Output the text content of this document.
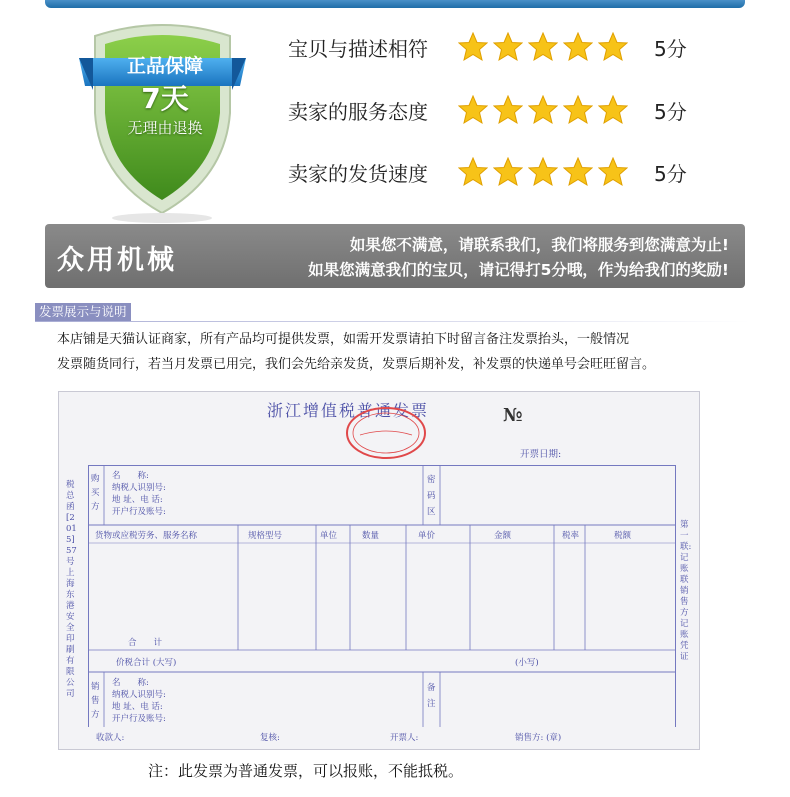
正品保障
7天
无理由退换
宝贝与描述相符	5分
卖家的服务态度	5分
卖家的发货速度	5分
众用机械	如果您不满意，请联系我们，我们将服务到您满意为止!
如果您满意我们的宝贝，请记得打5分哦，作为给我们的奖励!
发票展示与说明
本店铺是天猫认证商家，所有产品均可提供发票，如需开发票请拍下时留言备注发票抬头，一般情况
发票随货同行，若当月发票已用完，我们会先给亲发货，发票后期补发，补发票的快递单号会旺旺留言。
浙江增值税普通发票	№
开票日期:
税总函[2015]57号上海东港安全印刷有限公司
第一联:记账联 销售方记账凭证
购买方
名　　称:
纳税人识别号:
地 址、电 话:
开户行及账号:
密码区
货物或应税劳务、服务名称	规格型号	单位	数量	单价	金额	税率	税额
合　　计
价税合计 (大写)	(小写)
销售方
名　　称:
纳税人识别号:
地 址、电 话:
开户行及账号:
备注
收款人:	复核:	开票人:	销售方: (章)
注：此发票为普通发票，可以报账，不能抵税。
